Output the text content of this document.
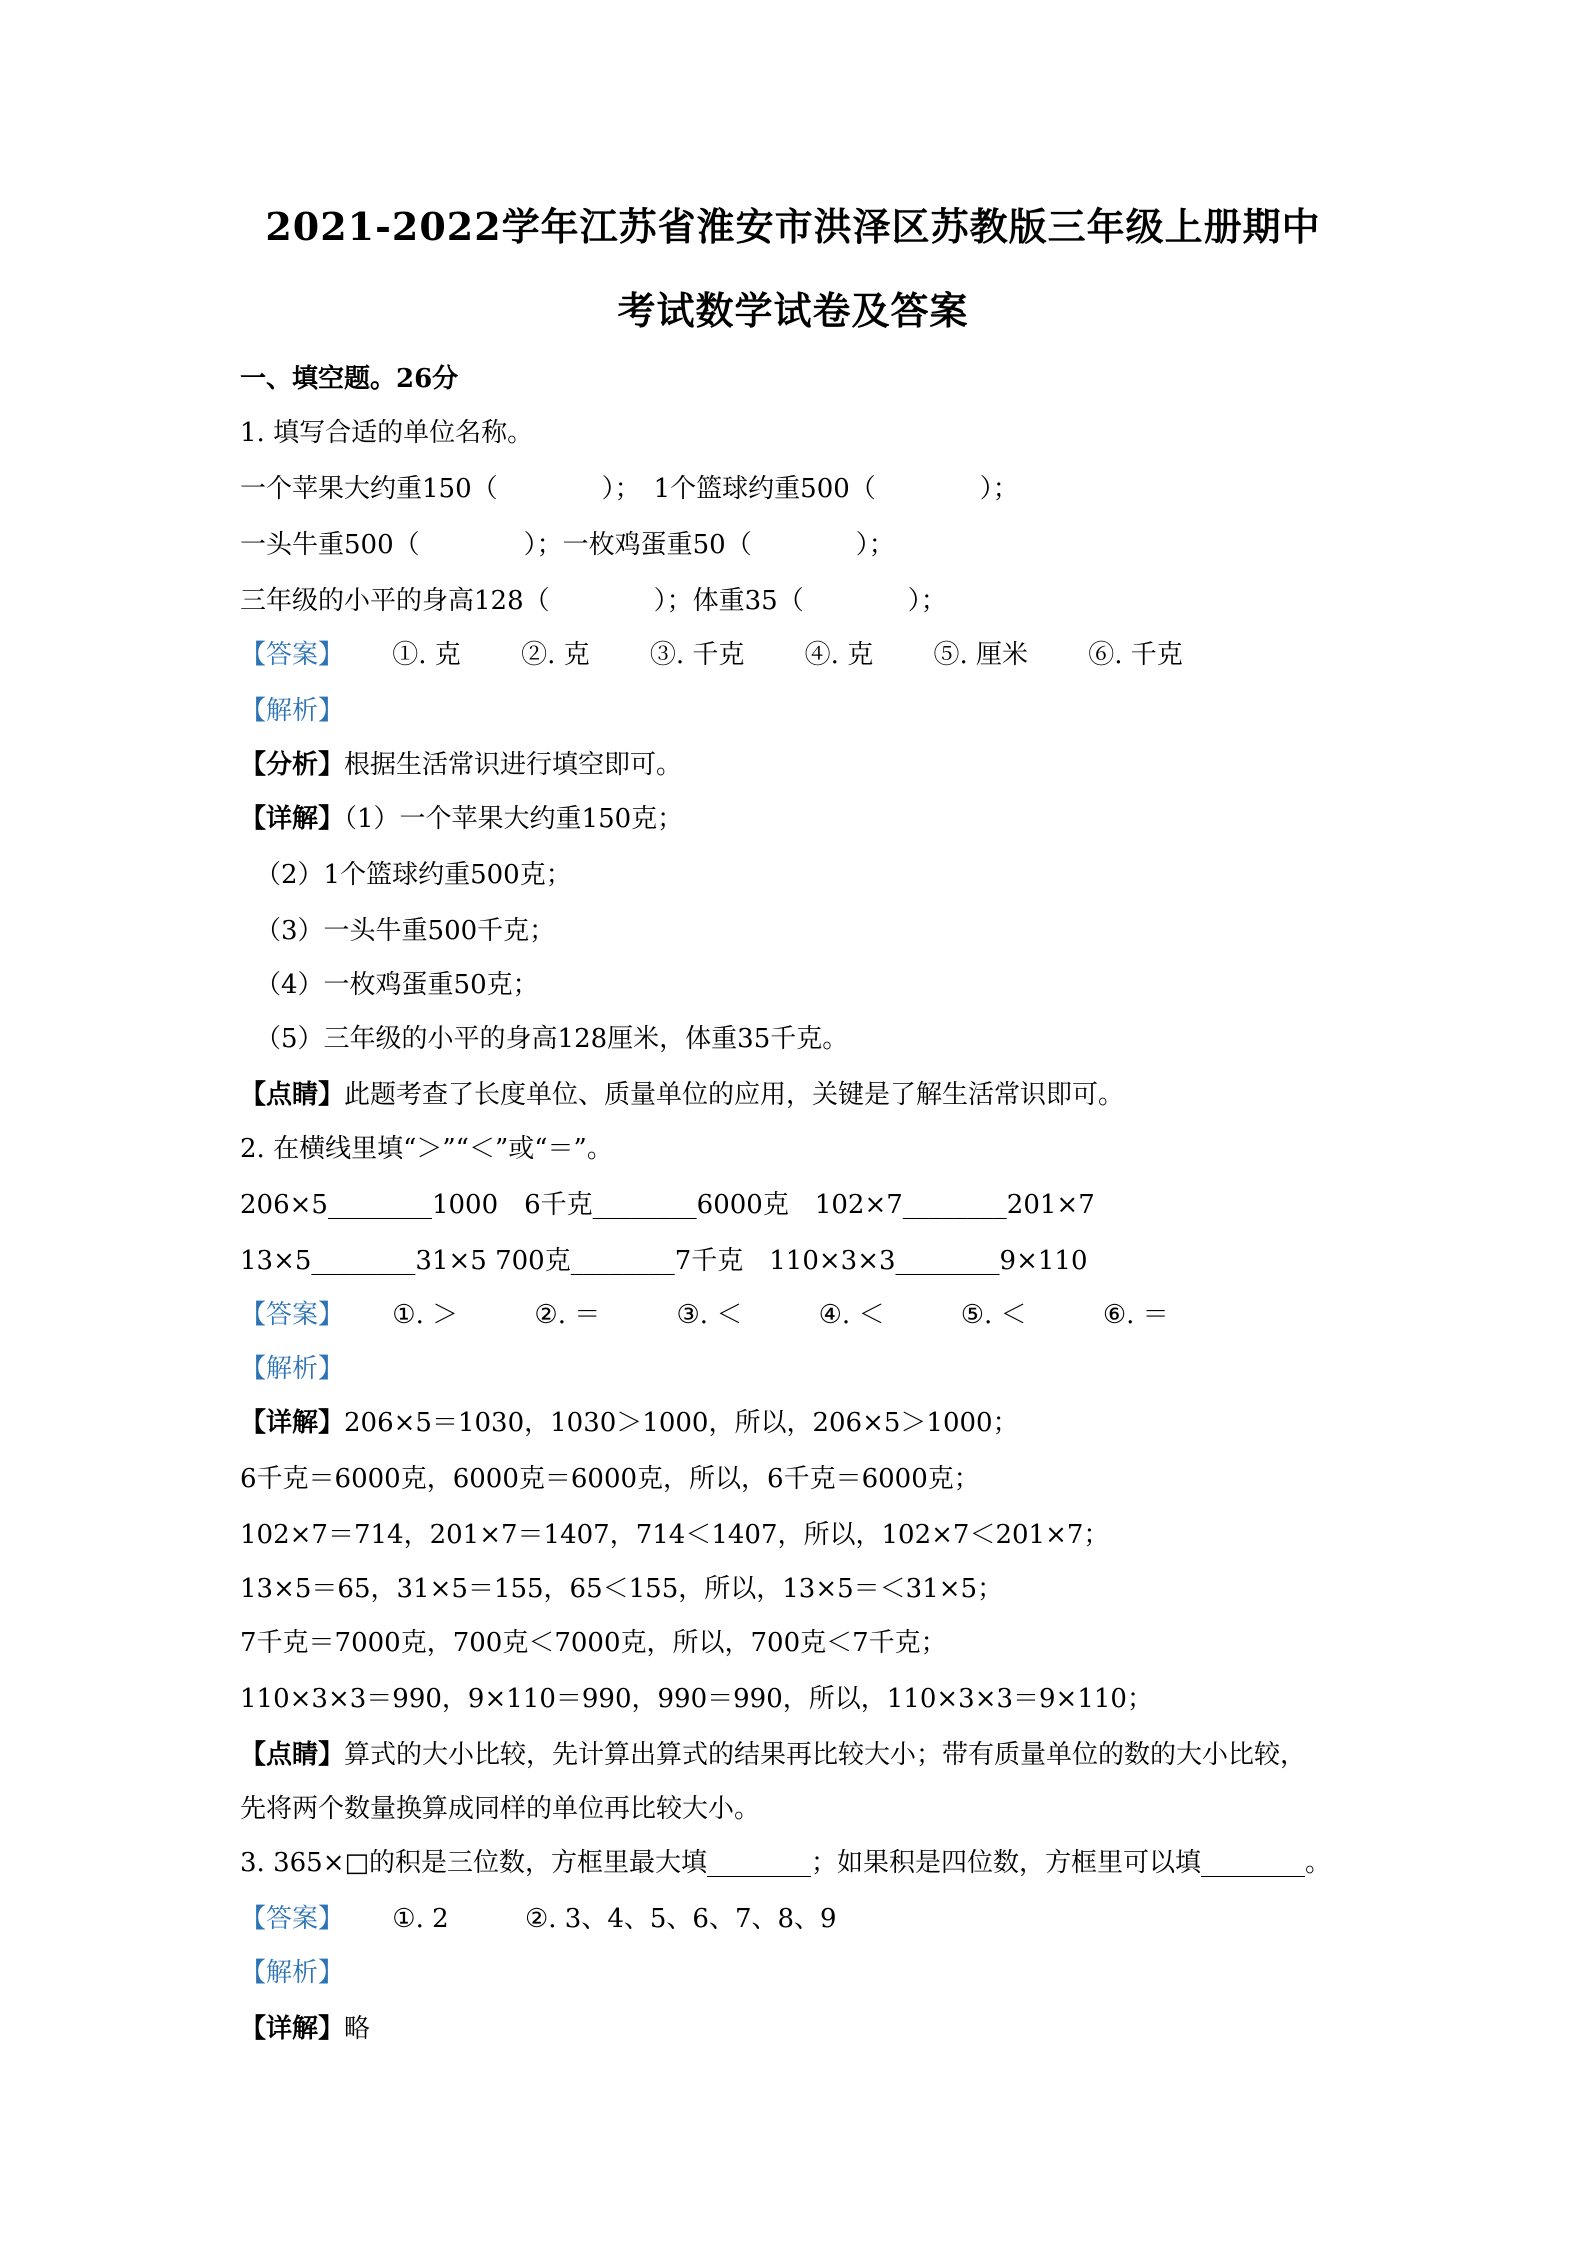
2021-2022学年江苏省淮安市洪泽区苏教版三年级上册期中
考试数学试卷及答案
一、填空题。26分
1. 填写合适的单位名称。
一个苹果大约重150（　　　　）；　1个篮球约重500（　　　　）；
一头牛重500（　　　　）；一枚鸡蛋重50（　　　　）；
三年级的小平的身高128（　　　　）；体重35（　　　　）；
【答案】 ①. 克 ②. 克 ③. 千克 ④. 克 ⑤. 厘米 ⑥. 千克
【解析】
【分析】根据生活常识进行填空即可。
【详解】（1）一个苹果大约重150克；
（2）1个篮球约重500克；
（3）一头牛重500千克；
（4）一枚鸡蛋重50克；
（5）三年级的小平的身高128厘米，体重35千克。
【点睛】此题考查了长度单位、质量单位的应用，关键是了解生活常识即可。
2. 在横线里填“＞”“＜”或“＝”。
206×5________1000　6千克________6000克　102×7________201×7
13×5________31×5 700克________7千克　110×3×3________9×110
【答案】 ①. ＞	②. ＝	③. ＜	④. ＜	⑤. ＜	⑥. ＝
【解析】
【详解】206×5＝1030，1030＞1000，所以，206×5＞1000；
6千克＝6000克，6000克＝6000克，所以，6千克＝6000克；
102×7＝714，201×7＝1407，714＜1407，所以，102×7＜201×7；
13×5＝65，31×5＝155，65＜155，所以，13×5＝＜31×5；
7千克＝7000克，700克＜7000克，所以，700克＜7千克；
110×3×3＝990，9×110＝990，990＝990，所以，110×3×3＝9×110；
【点睛】算式的大小比较，先计算出算式的结果再比较大小；带有质量单位的数的大小比较，
先将两个数量换算成同样的单位再比较大小。
3. 365×□的积是三位数，方框里最大填________；如果积是四位数，方框里可以填________。
【答案】 ①. 2	②. 3、4、5、6、7、8、9
【解析】
【详解】略
